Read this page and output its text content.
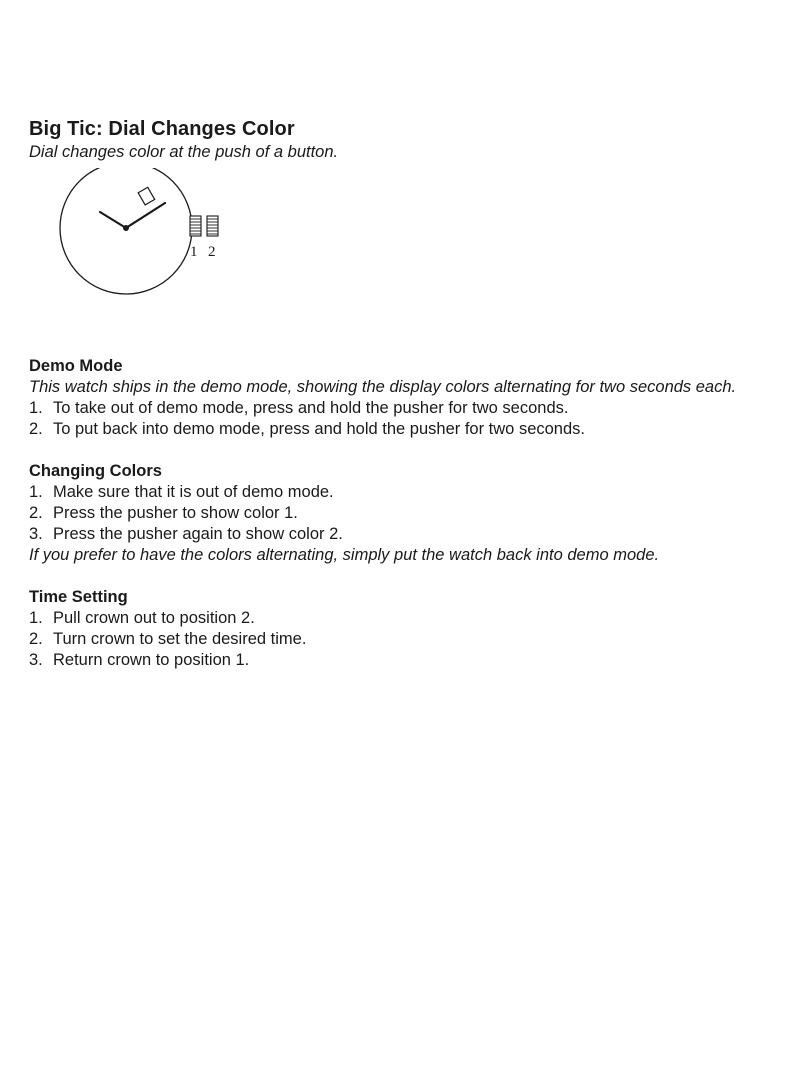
Big Tic: Dial Changes Color

Dial changes color at the push of a button.

1 2
Demo Mode

This watch ships in the demo mode, showing the display colors alternating for two seconds each.

1. To take out of demo mode, press and hold the pusher for two seconds.
2. To put back into demo mode, press and hold the pusher for two seconds.
Changing Colors
1. Make sure that it is out of demo mode.
2. Press the pusher to show color 1.
3. Press the pusher again to show color 2.

If you prefer to have the colors alternating, simply put the watch back into demo mode.

Time Setting
1. Pull crown out to position 2.
2. Turn crown to set the desired time.
3. Return crown to position 1.
